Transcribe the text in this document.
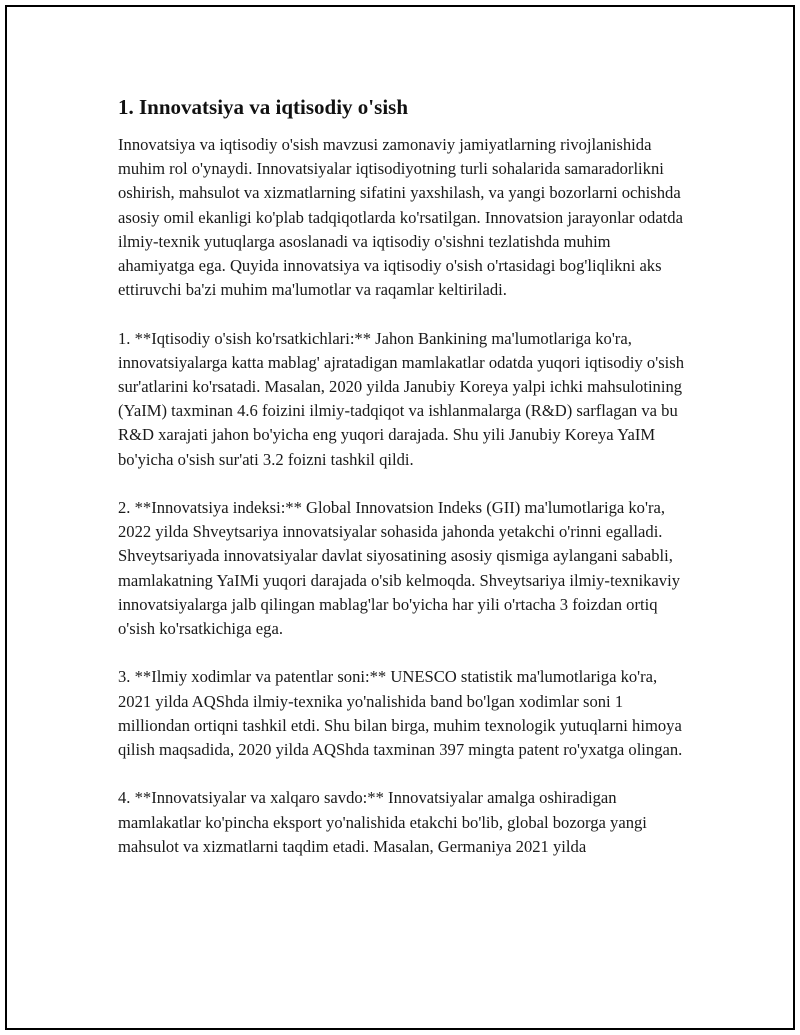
1. Innovatsiya va iqtisodiy o'sish

Innovatsiya va iqtisodiy o'sish mavzusi zamonaviy jamiyatlarning rivojlanishida muhim rol o'ynaydi. Innovatsiyalar iqtisodiyotning turli sohalarida samaradorlikni oshirish, mahsulot va xizmatlarning sifatini yaxshilash, va yangi bozorlarni ochishda asosiy omil ekanligi ko'plab tadqiqotlarda ko'rsatilgan. Innovatsion jarayonlar odatda ilmiy-texnik yutuqlarga asoslanadi va iqtisodiy o'sishni tezlatishda muhim ahamiyatga ega. Quyida innovatsiya va iqtisodiy o'sish o'rtasidagi bog'liqlikni aks ettiruvchi ba'zi muhim ma'lumotlar va raqamlar keltiriladi.

1. **Iqtisodiy o'sish ko'rsatkichlari:** Jahon Bankining ma'lumotlariga ko'ra, innovatsiyalarga katta mablag' ajratadigan mamlakatlar odatda yuqori iqtisodiy o'sish sur'atlarini ko'rsatadi. Masalan, 2020 yilda Janubiy Koreya yalpi ichki mahsulotining (YaIM) taxminan 4.6 foizini ilmiy-tadqiqot va ishlanmalarga (R&D) sarflagan va bu R&D xarajati jahon bo'yicha eng yuqori darajada. Shu yili Janubiy Koreya YaIM bo'yicha o'sish sur'ati 3.2 foizni tashkil qildi.

2. **Innovatsiya indeksi:** Global Innovatsion Indeks (GII) ma'lumotlariga ko'ra, 2022 yilda Shveytsariya innovatsiyalar sohasida jahonda yetakchi o'rinni egalladi. Shveytsariyada innovatsiyalar davlat siyosatining asosiy qismiga aylangani sababli, mamlakatning YaIMi yuqori darajada o'sib kelmoqda. Shveytsariya ilmiy-texnikaviy innovatsiyalarga jalb qilingan mablag'lar bo'yicha har yili o'rtacha 3 foizdan ortiq o'sish ko'rsatkichiga ega.

3. **Ilmiy xodimlar va patentlar soni:** UNESCO statistik ma'lumotlariga ko'ra, 2021 yilda AQShda ilmiy-texnika yo'nalishida band bo'lgan xodimlar soni 1 milliondan ortiqni tashkil etdi. Shu bilan birga, muhim texnologik yutuqlarni himoya qilish maqsadida, 2020 yilda AQShda taxminan 397 mingta patent ro'yxatga olingan.

4. **Innovatsiyalar va xalqaro savdo:** Innovatsiyalar amalga oshiradigan mamlakatlar ko'pincha eksport yo'nalishida etakchi bo'lib, global bozorga yangi mahsulot va xizmatlarni taqdim etadi. Masalan, Germaniya 2021 yilda
